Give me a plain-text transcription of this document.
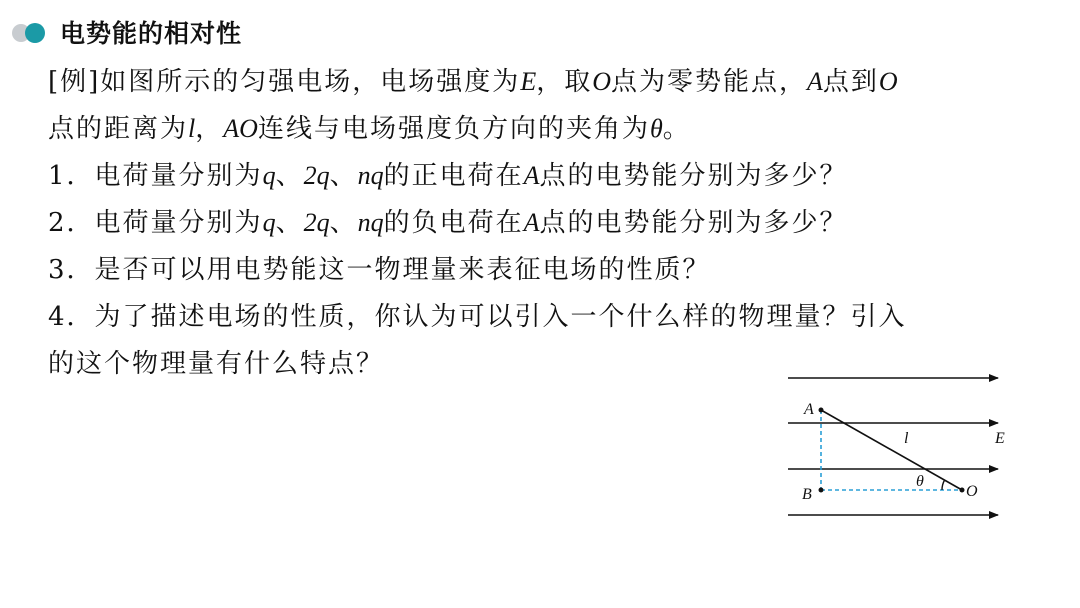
电势能的相对性
[例]如图所示的匀强电场，电场强度为E，取O点为零势能点，A点到O
点的距离为l，AO连线与电场强度负方向的夹角为θ。
1．电荷量分别为q、2q、nq的正电荷在A点的电势能分别为多少？
2．电荷量分别为q、2q、nq的负电荷在A点的电势能分别为多少？
3．是否可以用电势能这一物理量来表征电场的性质？
4．为了描述电场的性质，你认为可以引入一个什么样的物理量？引入
的这个物理量有什么特点？
A
B	O
l
θ
E
